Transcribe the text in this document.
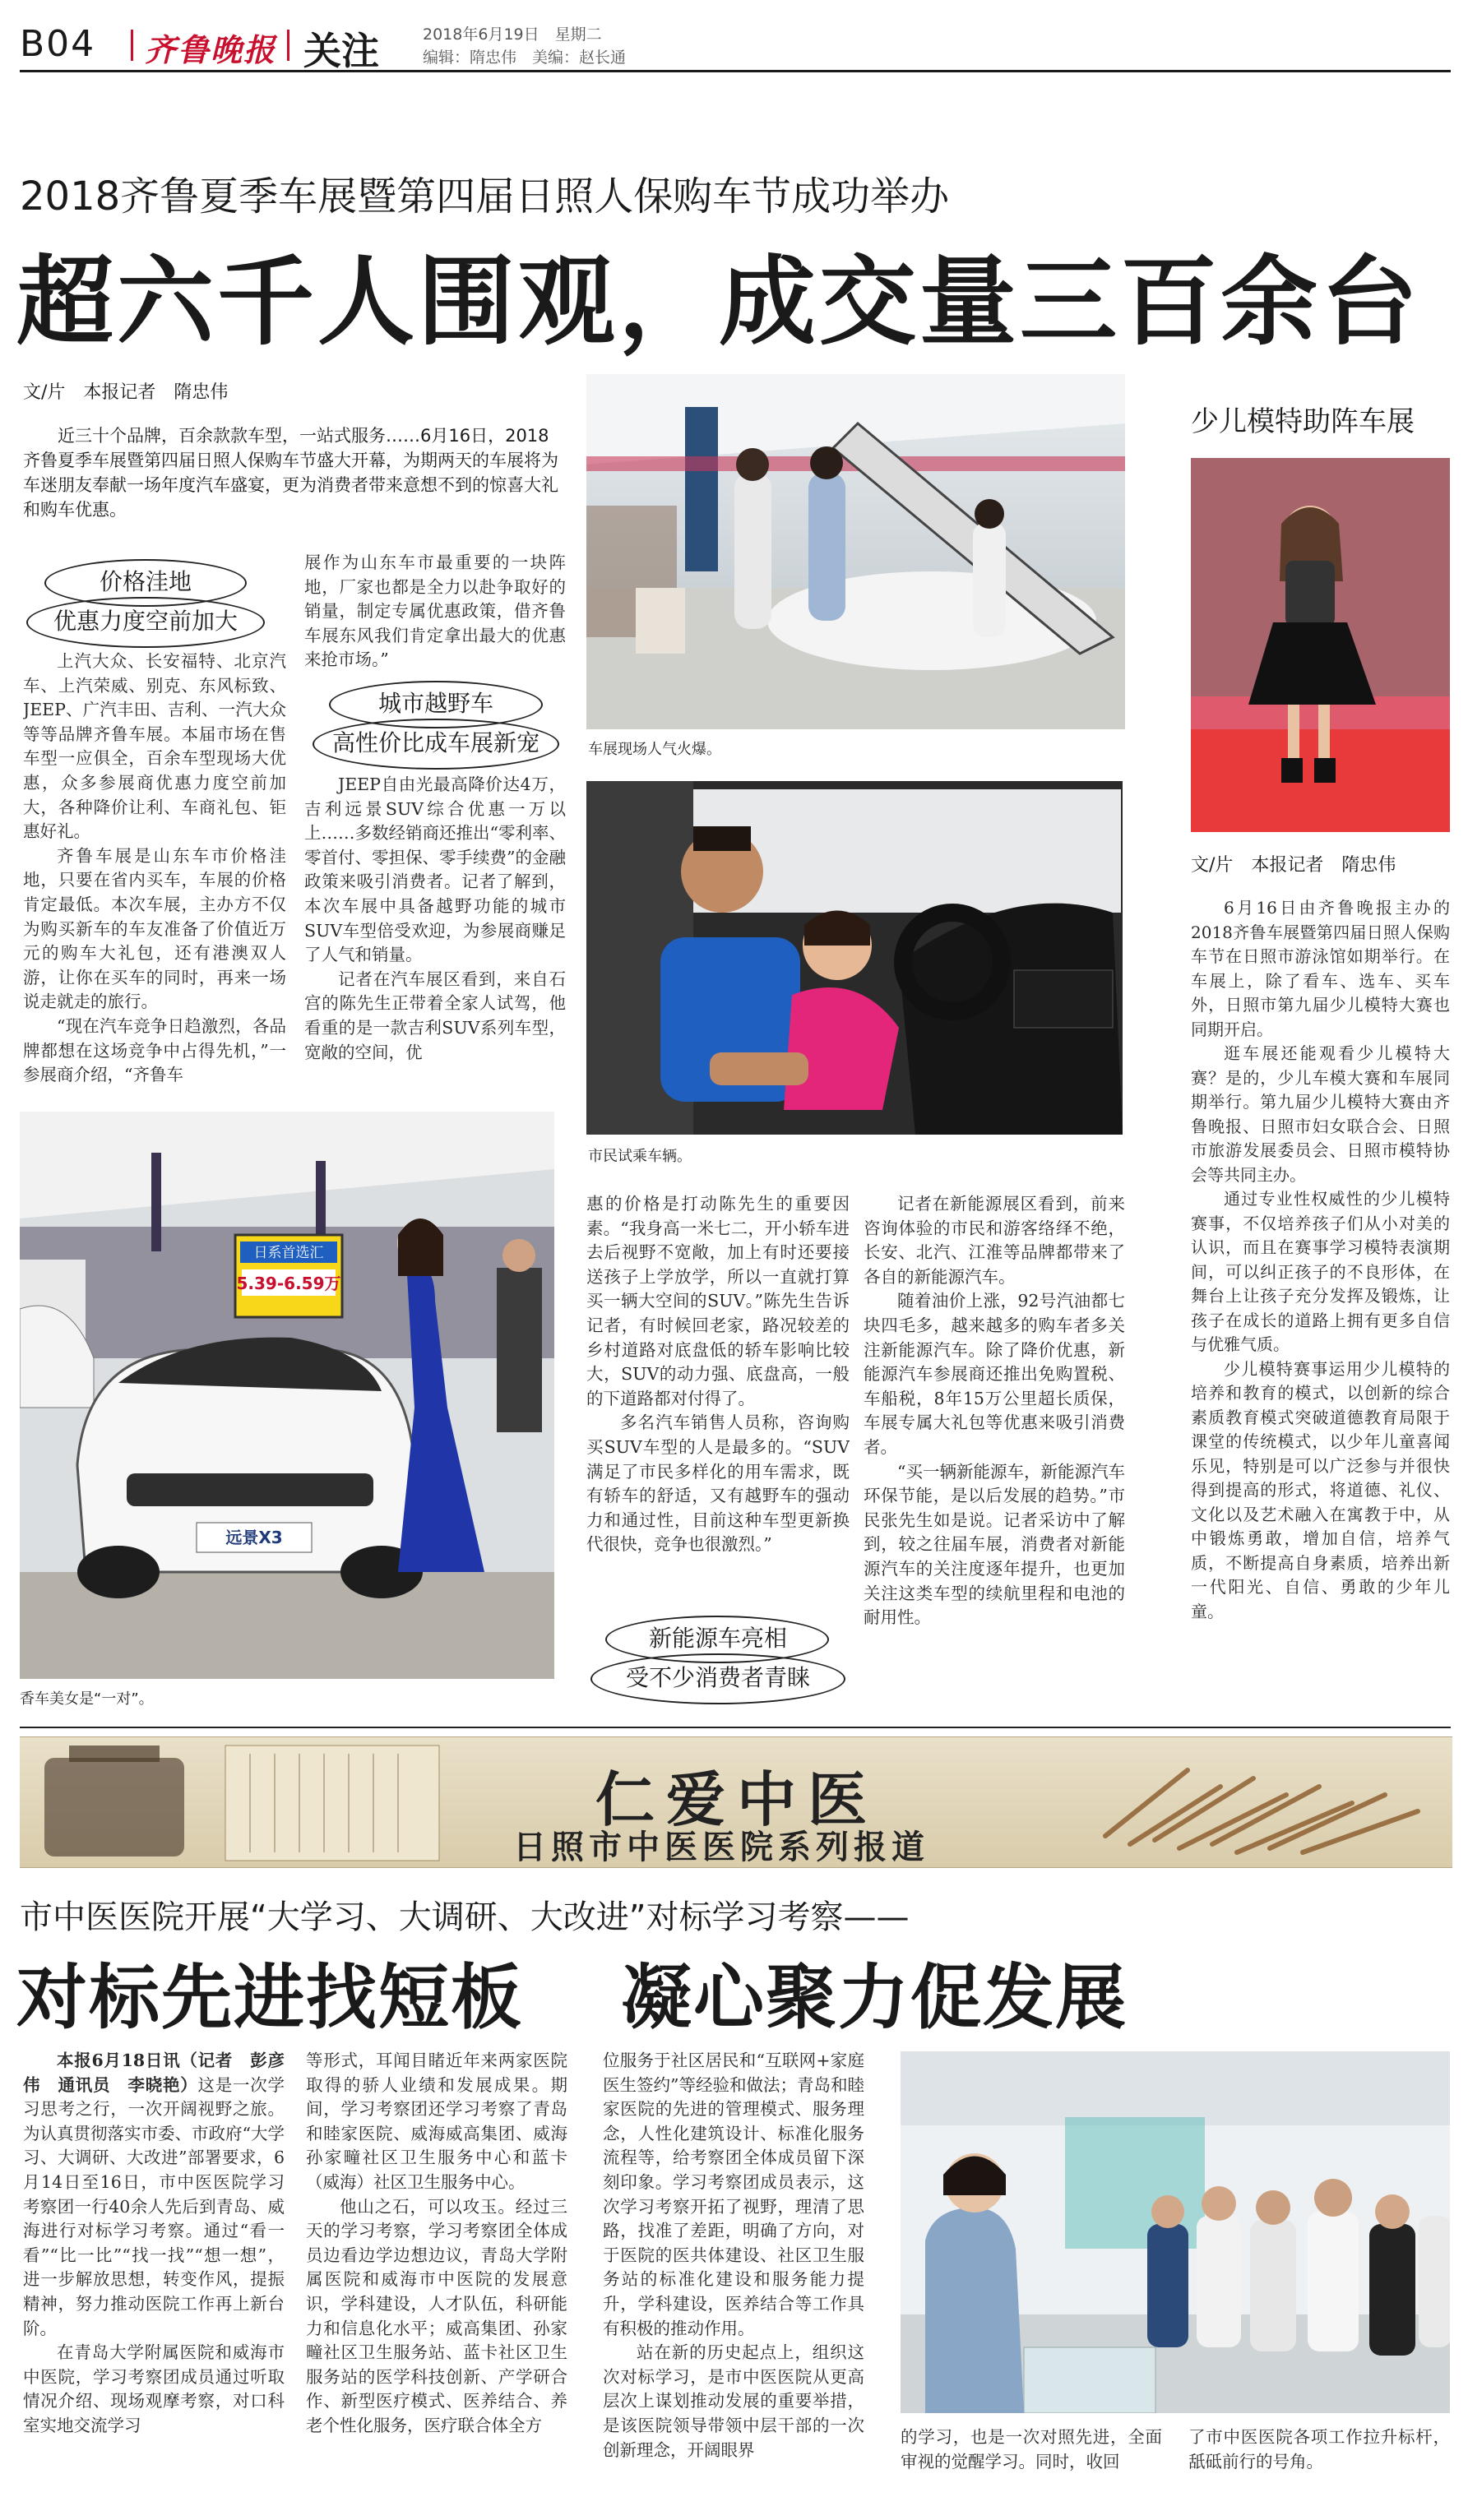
B04 齐鲁晚报 关注	2018年6月19日　星期二
编辑：隋忠伟　美编：赵长通
2018齐鲁夏季车展暨第四届日照人保购车节成功举办
超六千人围观，成交量三百余台
文/片　本报记者　隋忠伟
近三十个品牌，百余款款车型，一站式服务……6月16日，2018齐鲁夏季车展暨第四届日照人保购车节盛大开幕，为期两天的车展将为车迷朋友奉献一场年度汽车盛宴，更为消费者带来意想不到的惊喜大礼和购车优惠。
价格洼地
优惠力度空前加大

上汽大众、长安福特、北京汽车、上汽荣威、别克、东风标致、JEEP、广汽丰田、吉利、一汽大众等等品牌齐鲁车展。本届市场在售车型一应俱全，百余车型现场大优惠，众多参展商优惠力度空前加大，各种降价让利、车商礼包、钜惠好礼。

齐鲁车展是山东车市价格洼地，只要在省内买车，车展的价格肯定最低。本次车展，主办方不仅为购买新车的车友准备了价值近万元的购车大礼包，还有港澳双人游，让你在买车的同时，再来一场说走就走的旅行。

“现在汽车竞争日趋激烈，各品牌都想在这场竞争中占得先机，”一参展商介绍，“齐鲁车

展作为山东车市最重要的一块阵地，厂家也都是全力以赴争取好的销量，制定专属优惠政策，借齐鲁车展东风我们肯定拿出最大的优惠来抢市场。”

城市越野车
高性价比成车展新宠

JEEP自由光最高降价达4万，吉利远景SUV综合优惠一万以上……多数经销商还推出“零利率、零首付、零担保、零手续费”的金融政策来吸引消费者。记者了解到，本次车展中具备越野功能的城市SUV车型倍受欢迎，为参展商赚足了人气和销量。

记者在汽车展区看到，来自石宫的陈先生正带着全家人试驾，他看重的是一款吉利SUV系列车型，宽敞的空间，优

车展现场人气火爆。
市民试乘车辆。
日系首选汇
5.39-6.59万
远景X3
香车美女是“一对”。

惠的价格是打动陈先生的重要因素。“我身高一米七二，开小轿车进去后视野不宽敞，加上有时还要接送孩子上学放学，所以一直就打算买一辆大空间的SUV。”陈先生告诉记者，有时候回老家，路况较差的乡村道路对底盘低的轿车影响比较大，SUV的动力强、底盘高，一般的下道路都对付得了。

多名汽车销售人员称，咨询购买SUV车型的人是最多的。“SUV满足了市民多样化的用车需求，既有轿车的舒适，又有越野车的强动力和通过性，目前这种车型更新换代很快，竞争也很激烈。”

新能源车亮相
受不少消费者青睐

记者在新能源展区看到，前来咨询体验的市民和游客络绎不绝，长安、北汽、江淮等品牌都带来了各自的新能源汽车。

随着油价上涨，92号汽油都七块四毛多，越来越多的购车者多关注新能源汽车。除了降价优惠，新能源汽车参展商还推出免购置税、车船税，8年15万公里超长质保，车展专属大礼包等优惠来吸引消费者。

“买一辆新能源车，新能源汽车环保节能，是以后发展的趋势。”市民张先生如是说。记者采访中了解到，较之往届车展，消费者对新能源汽车的关注度逐年提升，也更加关注这类车型的续航里程和电池的耐用性。

少儿模特助阵车展
文/片　本报记者　隋忠伟

6月16日由齐鲁晚报主办的2018齐鲁车展暨第四届日照人保购车节在日照市游泳馆如期举行。在车展上，除了看车、选车、买车外，日照市第九届少儿模特大赛也同期开启。

逛车展还能观看少儿模特大赛？是的，少儿车模大赛和车展同期举行。第九届少儿模特大赛由齐鲁晚报、日照市妇女联合会、日照市旅游发展委员会、日照市模特协会等共同主办。

通过专业性权威性的少儿模特赛事，不仅培养孩子们从小对美的认识，而且在赛事学习模特表演期间，可以纠正孩子的不良形体，在舞台上让孩子充分发挥及锻炼，让孩子在成长的道路上拥有更多自信与优雅气质。

少儿模特赛事运用少儿模特的培养和教育的模式，以创新的综合素质教育模式突破道德教育局限于课堂的传统模式，以少年儿童喜闻乐见，特别是可以广泛参与并很快得到提高的形式，将道德、礼仪、文化以及艺术融入在寓教于中，从中锻炼勇敢，增加自信，培养气质，不断提高自身素质，培养出新一代阳光、自信、勇敢的少年儿童。

仁爱中医
日照市中医医院系列报道
市中医医院开展“大学习、大调研、大改进”对标学习考察——
对标先进找短板 凝心聚力促发展

本报6月18日讯（记者　彭彦伟　通讯员　李晓艳）这是一次学习思考之行，一次开阔视野之旅。为认真贯彻落实市委、市政府“大学习、大调研、大改进”部署要求，6月14日至16日，市中医医院学习考察团一行40余人先后到青岛、威海进行对标学习考察。通过“看一看”“比一比”“找一找”“想一想”，进一步解放思想，转变作风，提振精神，努力推动医院工作再上新台阶。

在青岛大学附属医院和威海市中医院，学习考察团成员通过听取情况介绍、现场观摩考察，对口科室实地交流学习

等形式，耳闻目睹近年来两家医院取得的骄人业绩和发展成果。期间，学习考察团还学习考察了青岛和睦家医院、威海威高集团、威海孙家疃社区卫生服务中心和蓝卡（威海）社区卫生服务中心。

他山之石，可以攻玉。经过三天的学习考察，学习考察团全体成员边看边学边想边议，青岛大学附属医院和威海市中医院的发展意识，学科建设，人才队伍，科研能力和信息化水平；威高集团、孙家疃社区卫生服务站、蓝卡社区卫生服务站的医学科技创新、产学研合作、新型医疗模式、医养结合、养老个性化服务，医疗联合体全方

位服务于社区居民和“互联网+家庭医生签约”等经验和做法；青岛和睦家医院的先进的管理模式、服务理念，人性化建筑设计、标准化服务流程等，给考察团全体成员留下深刻印象。学习考察团成员表示，这次学习考察开拓了视野，理清了思路，找准了差距，明确了方向，对于医院的医共体建设、社区卫生服务站的标准化建设和服务能力提升，学科建设，医养结合等工作具有积极的推动作用。

站在新的历史起点上，组织这次对标学习，是市中医医院从更高层次上谋划推动发展的重要举措，是该医院领导带领中层干部的一次创新理念，开阔眼界

的学习，也是一次对照先进，全面审视的觉醒学习。同时，收回

了市中医医院各项工作拉升标杆，舐砥前行的号角。
